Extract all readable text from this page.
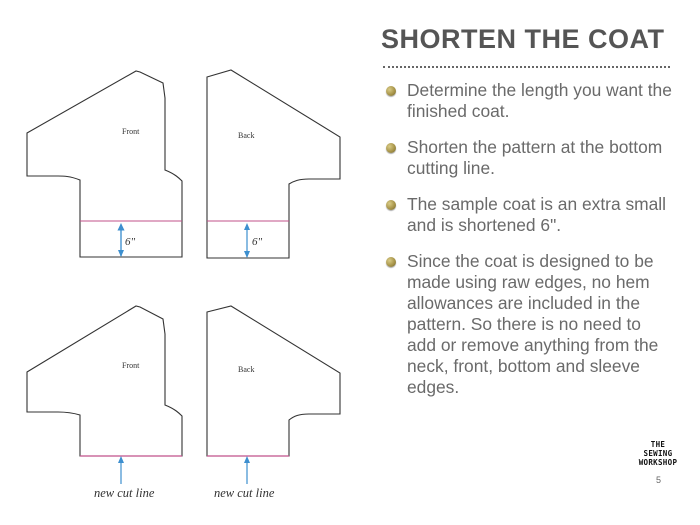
Front
6"
Back
6"
Front
new cut line
Back
new cut line
SHORTEN THE COAT
Determine the length you want the finished coat.
Shorten the pattern at the bottom cutting line.
The sample coat is an extra small and is shortened 6".
Since the coat is designed to be made using raw edges, no hem allowances are included in the pattern. So there is no need to add or remove anything from the neck, front, bottom and sleeve edges.
THE
SEWING
WORKSHOP
5
